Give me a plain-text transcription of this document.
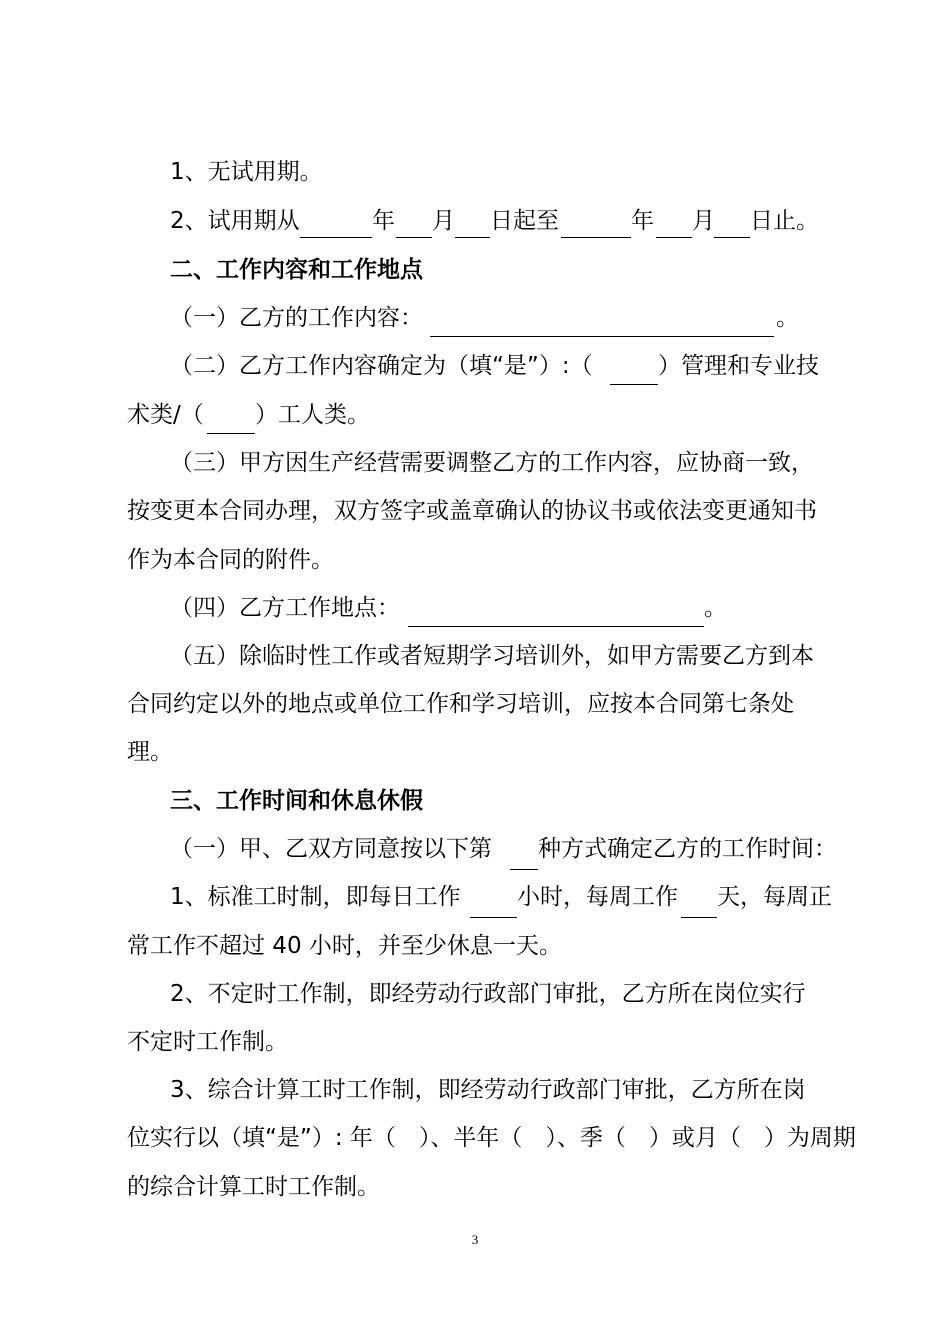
1、无试用期。
2、试用期从	年 月 日起至	年 月 日止。
二、工作内容和工作地点
（一）乙方的工作内容：	。
（二）乙方工作内容确定为（填“是”）:（	）管理和专业技
术类/（ ）工人类。
（三）甲方因生产经营需要调整乙方的工作内容，应协商一致，
按变更本合同办理，双方签字或盖章确认的协议书或依法变更通知书
作为本合同的附件。
（四）乙方工作地点：	。
（五）除临时性工作或者短期学习培训外，如甲方需要乙方到本
合同约定以外的地点或单位工作和学习培训，应按本合同第七条处
理。
三、工作时间和休息休假
（一）甲、乙双方同意按以下第 种方式确定乙方的工作时间：
1、标准工时制，即每日工作 小时，每周工作 天，每周正
常工作不超过 40 小时，并至少休息一天。
2、不定时工作制，即经劳动行政部门审批，乙方所在岗位实行
不定时工作制。
3、综合计算工时工作制，即经劳动行政部门审批，乙方所在岗
位实行以（填“是”）: 年（　）、半年（　）、季（　）或月（　）为周期
的综合计算工时工作制。
3
